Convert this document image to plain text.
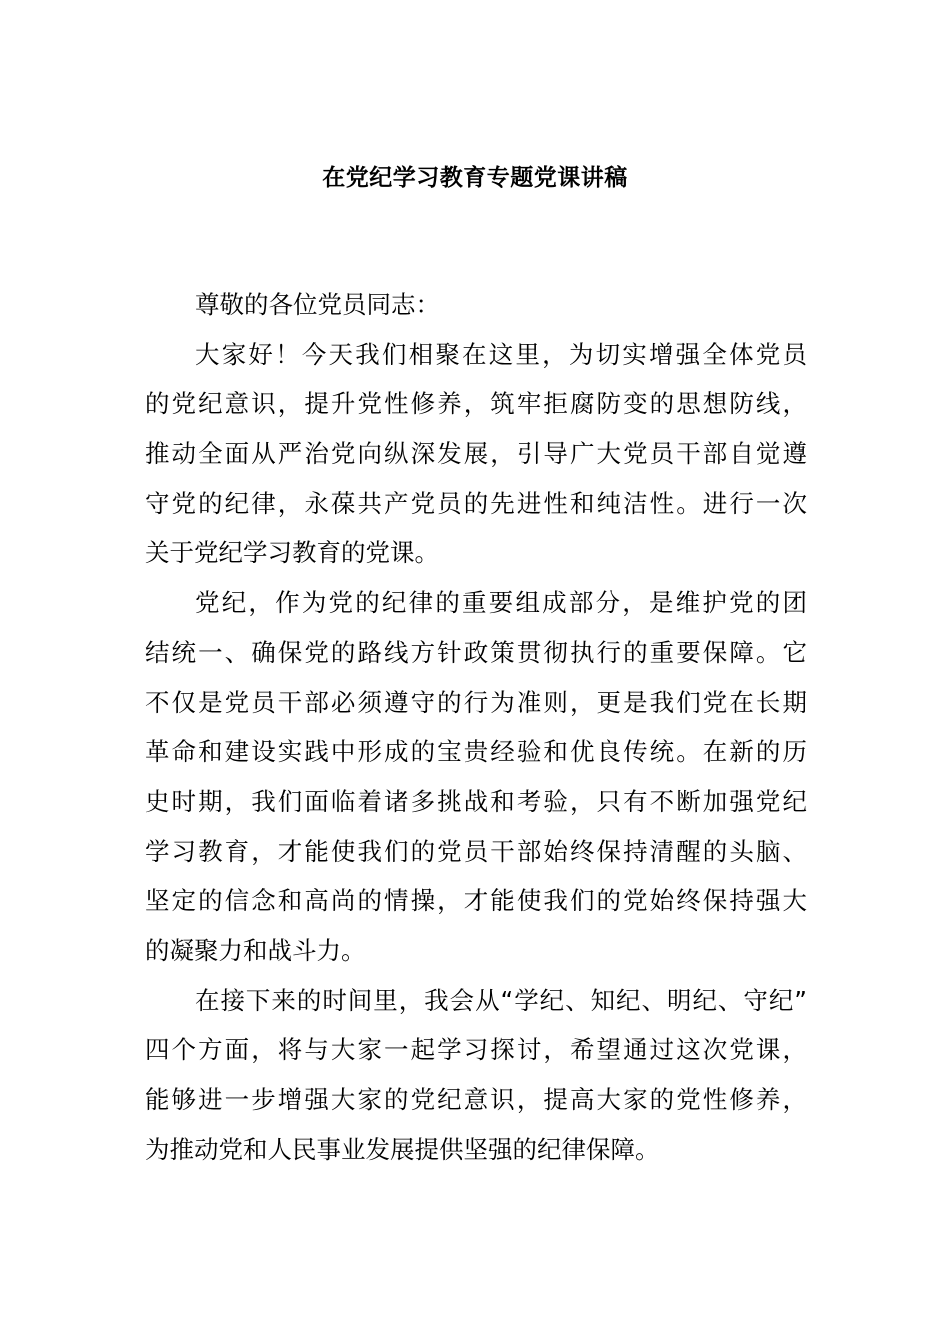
在党纪学习教育专题党课讲稿
尊敬的各位党员同志：
大家好！今天我们相聚在这里，为切实增强全体党员
的党纪意识，提升党性修养，筑牢拒腐防变的思想防线，
推动全面从严治党向纵深发展，引导广大党员干部自觉遵
守党的纪律，永葆共产党员的先进性和纯洁性。进行一次
关于党纪学习教育的党课。
党纪，作为党的纪律的重要组成部分，是维护党的团
结统一、确保党的路线方针政策贯彻执行的重要保障。它
不仅是党员干部必须遵守的行为准则，更是我们党在长期
革命和建设实践中形成的宝贵经验和优良传统。在新的历
史时期，我们面临着诸多挑战和考验，只有不断加强党纪
学习教育，才能使我们的党员干部始终保持清醒的头脑、
坚定的信念和高尚的情操，才能使我们的党始终保持强大
的凝聚力和战斗力。
在接下来的时间里，我会从“学纪、知纪、明纪、守纪”
四个方面，将与大家一起学习探讨，希望通过这次党课，
能够进一步增强大家的党纪意识，提高大家的党性修养，
为推动党和人民事业发展提供坚强的纪律保障。
